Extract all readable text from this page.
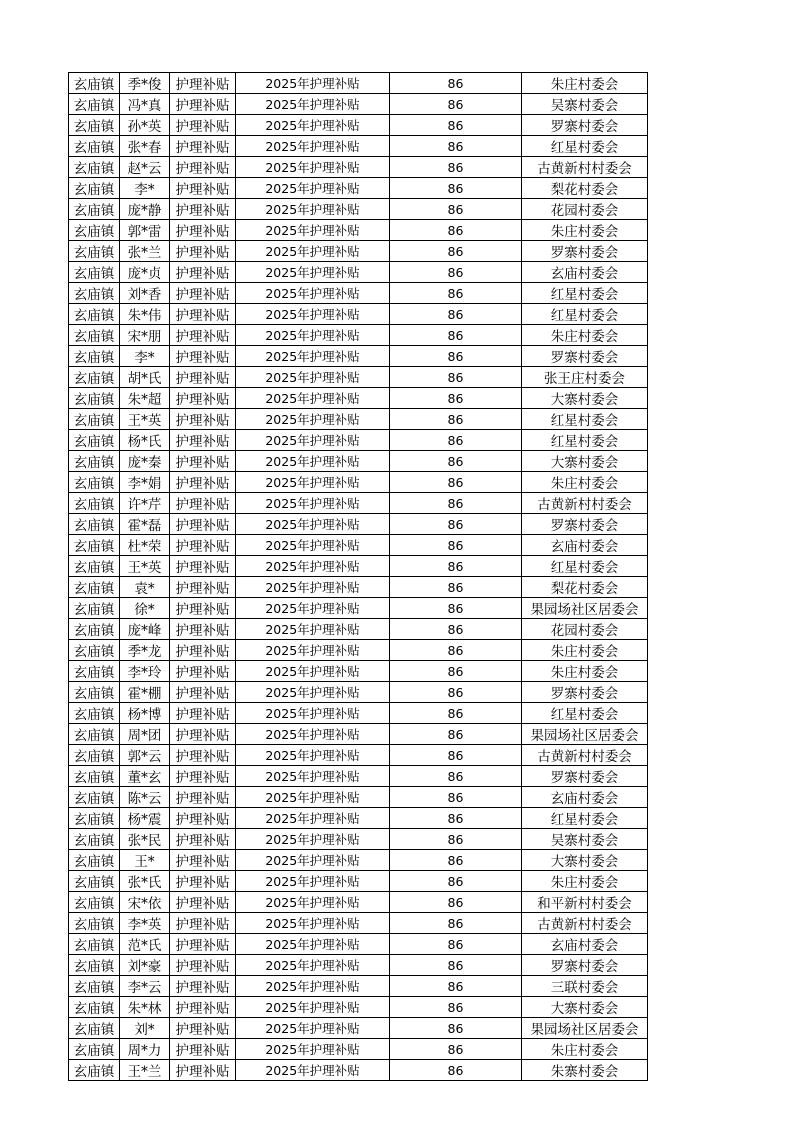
玄庙镇	季*俊	护理补贴	2025年护理补贴	86	朱庄村委会
玄庙镇	冯*真	护理补贴	2025年护理补贴	86	吴寨村委会
玄庙镇	孙*英	护理补贴	2025年护理补贴	86	罗寨村委会
玄庙镇	张*春	护理补贴	2025年护理补贴	86	红星村委会
玄庙镇	赵*云	护理补贴	2025年护理补贴	86	古黄新村村委会
玄庙镇	李*	护理补贴	2025年护理补贴	86	梨花村委会
玄庙镇	庞*静	护理补贴	2025年护理补贴	86	花园村委会
玄庙镇	郭*雷	护理补贴	2025年护理补贴	86	朱庄村委会
玄庙镇	张*兰	护理补贴	2025年护理补贴	86	罗寨村委会
玄庙镇	庞*贞	护理补贴	2025年护理补贴	86	玄庙村委会
玄庙镇	刘*香	护理补贴	2025年护理补贴	86	红星村委会
玄庙镇	朱*伟	护理补贴	2025年护理补贴	86	红星村委会
玄庙镇	宋*朋	护理补贴	2025年护理补贴	86	朱庄村委会
玄庙镇	李*	护理补贴	2025年护理补贴	86	罗寨村委会
玄庙镇	胡*氏	护理补贴	2025年护理补贴	86	张王庄村委会
玄庙镇	朱*超	护理补贴	2025年护理补贴	86	大寨村委会
玄庙镇	王*英	护理补贴	2025年护理补贴	86	红星村委会
玄庙镇	杨*氏	护理补贴	2025年护理补贴	86	红星村委会
玄庙镇	庞*秦	护理补贴	2025年护理补贴	86	大寨村委会
玄庙镇	李*娟	护理补贴	2025年护理补贴	86	朱庄村委会
玄庙镇	许*芹	护理补贴	2025年护理补贴	86	古黄新村村委会
玄庙镇	霍*磊	护理补贴	2025年护理补贴	86	罗寨村委会
玄庙镇	杜*荣	护理补贴	2025年护理补贴	86	玄庙村委会
玄庙镇	王*英	护理补贴	2025年护理补贴	86	红星村委会
玄庙镇	袁*	护理补贴	2025年护理补贴	86	梨花村委会
玄庙镇	徐*	护理补贴	2025年护理补贴	86	果园场社区居委会
玄庙镇	庞*峰	护理补贴	2025年护理补贴	86	花园村委会
玄庙镇	季*龙	护理补贴	2025年护理补贴	86	朱庄村委会
玄庙镇	李*玲	护理补贴	2025年护理补贴	86	朱庄村委会
玄庙镇	霍*棚	护理补贴	2025年护理补贴	86	罗寨村委会
玄庙镇	杨*博	护理补贴	2025年护理补贴	86	红星村委会
玄庙镇	周*团	护理补贴	2025年护理补贴	86	果园场社区居委会
玄庙镇	郭*云	护理补贴	2025年护理补贴	86	古黄新村村委会
玄庙镇	董*玄	护理补贴	2025年护理补贴	86	罗寨村委会
玄庙镇	陈*云	护理补贴	2025年护理补贴	86	玄庙村委会
玄庙镇	杨*震	护理补贴	2025年护理补贴	86	红星村委会
玄庙镇	张*民	护理补贴	2025年护理补贴	86	吴寨村委会
玄庙镇	王*	护理补贴	2025年护理补贴	86	大寨村委会
玄庙镇	张*氏	护理补贴	2025年护理补贴	86	朱庄村委会
玄庙镇	宋*依	护理补贴	2025年护理补贴	86	和平新村村委会
玄庙镇	李*英	护理补贴	2025年护理补贴	86	古黄新村村委会
玄庙镇	范*氏	护理补贴	2025年护理补贴	86	玄庙村委会
玄庙镇	刘*豪	护理补贴	2025年护理补贴	86	罗寨村委会
玄庙镇	李*云	护理补贴	2025年护理补贴	86	三联村委会
玄庙镇	朱*林	护理补贴	2025年护理补贴	86	大寨村委会
玄庙镇	刘*	护理补贴	2025年护理补贴	86	果园场社区居委会
玄庙镇	周*力	护理补贴	2025年护理补贴	86	朱庄村委会
玄庙镇	王*兰	护理补贴	2025年护理补贴	86	朱寨村委会
